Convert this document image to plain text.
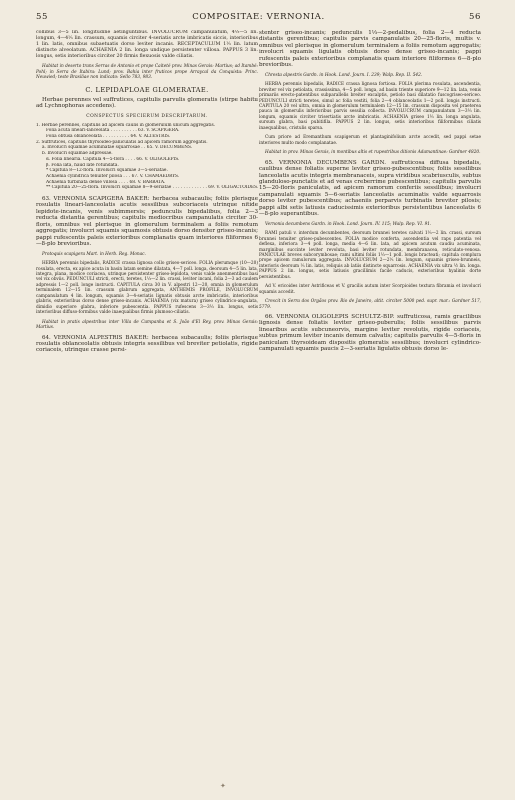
55	COMPOSITAE: VERNONIA.	56

collibus 3—5 lin. longitudine aetinguntibus. INVOLUCRUM campanulatum, 4⅓—5 lin. longum, 4—4⅓ lin. crassum, squamis circiter 4-seriatis arcte imbricatis siccis, interioribus 1 lin. latis, omnibus subaetuatis dorso leviter incanis. RECEPTACULUM 1⅓ lin. latum distincte alveolatum. ACHAENIA 2 lin. longa undique persistenter villosa. PAPPUS 3 lin. longus, setis interioribus circiter 20 firmis flexuosis valde ciliatis.

Habitat in deserto trans Serras de Antonio et prope Caiteté prov. Minas Gerais: Martius; ad Itambé: Pohl; in Serra de Itabira: Lund; prov. Bahia inter fruticos prope Arraycal da Conquista: Princ. Neuwied; teste Brasiliae non indicato: Sello 783, 983.

C. LEPIDAPLOAE GLOMERATAE.

Herbae perennes vel suffrutices, capitulis parvulis glomeratis (stirpe habitu ad Lychnophoras accedens).

CONSPECTUS SPECIERUM DESCRIPTARUM.
1. Herbae perennes, capitulis ad apicem caulis in glomerulum unicum aggregatis.
Folia acuta lineari-lanceolata . . . . . . . . . . 63. V. SCAPIGERA.
Folia obtusa oblanceolata . . . . . . . . . . 64. V. ALTESTRIS.
2. Suffrutices, capitulis thyrsoideo-paniculatis ad apicem ramorum aggregatis.
a. Involucri squamae acuminatae squarrosae . . 65. V. DECUMBENS.
b. Involucri squamae adpressae.
α. Folia linearia. Capitula 4—5-flora . . . . 66. V. OLIGOLEPIS.
β. Folia lata, haud late rotundata.
* Capitula 8—12-flora. Involucri squamae 3—5-seriatae.
Achaenia cylindrica tenuiter pilosa . . . 67. V. CHAMAEDRYS.
Achaenia turbinata dense villosa . . . . 68. V. BARBATA.
** Capitula 20—25-flora. Involucri squamae 8—9-seriatae . . . . . . . . . . . . . 69. V. OLIGACTOIDES.

63. VERNONIA SCAPIGERA BAKER: herbacea subacaulis; foliis plerisque rosulatis lineari-lanceolatis acutis sessilibus subcoriaceis utrinque nitide lepidote-incanis, venis subimmersis; pedunculis bipedalibus, folia 2—3 reducta distantia gerentibus; capitulis mediocribus campanulatis circiter 30-floris, omnibus vel plerisque in glomerulum terminalem a foliis remotum aggregatis; involucri squamis squamosis obtusis dorso densiter griseo-incanis; pappi rufescentis paleis exterioribus complanatis quam interiores filiformes 6—8-plo brevioribus.

Protoquis scapigera Mart. in Herb. Reg. Monac.

HERBA perennis bipedalis, RADICE crassa lignosa collo griseo-sericeo. FOLIA plerumque (10—20) rosulata, erecta, ex apice acuta in basin latam semine dilatata, 4—7 poll. longa, deorsum 4—5 lin. lata, integra, plana, modice coriacea, utrinque persistenter griseo-lepidota, venis valde anenmentibus basi vel vix obviis. PEDUNCULI stricti, erecti, teretes, 1⅓—2 lin. crassi, leviter incani, folia 2—3 ad caulem adpressis 1—2 poll. longe instructi. CAPITULA circa 30 in V. alpestri 12—20, omnia in glomerulum terminalem 12—15 lin. crassum glabrum aggregata, ANTHEMIS PROFILE, INVOLUCRUM campanulatum 4 lin. longum, squamis 3—4-seriatis lignatis obtusis arcte imbricatis, interioribus glabris, exterioribus dorso dense griseo-incanis. ACHAENIA (vix matura) griseo cylindrico-angulata, dimidio superiore glabra, inferiore pubescentia. PAPPUS rufescens 3—3⅓ lin. longus, setis interioribus diffuso-formibus valde inaequalibus firmis plumoso-ciliatis.

Habitat in pratis alpestribus inter Villa de Campanha et S. João d'El Rey, prov. Minas Gerais: Martius.

64. VERNONIA ALPESTRIS BAKER: herbacea subacaulis; foliis plerisque rosulatis oblanceolatis obtusis integris sessilibus vel breviter petiolatis, rigide coriaceis, utrinque crasse persi-

stenter griseo-incanis; pedunculis 1⅓—2-pedalibus, folia 2—4 reducta distantis gerentibus; capitulis parvis campanulatis 20—25-floris, multis v. omnibus vel plerisque in glomerulum terminalem a foliis remotum aggregatis; involucri squamis ligulatis obtusis dorso dense griseo-incanis; pappi rufescentis paleis exterioribus complanatis quam interiore filiformes 6—8-plo brevioribus.

Chresta alpestris Gardn. in Hook. Lond. Journ. I. 239; Walp. Rep. II. 542.

HERBA perennis bipedalis, RADICE crassa lignosa fortiosa. FOLIA plerima rosulata, ascendentia, breviter vel vix petiolata, crassissima, 4—5 poll. longa, ad basin triente superiore 9—12 lin. lata, venis primariis erecto-patentibus subparallelis breiter excalptis, petiolo basi dilatatio fuscogriseo-sericeo. PEDUNCULI stricti teretes, simul ac folia vestiti, folia 2—4 oblanceolatis 1—2 poll. longis instructi. CAPITULA 20 vel ultra, omnia in glomerulum terminalem 12—15 lin. crassum disposita vel praeterea pauca in glomerulis inferioribus parvis sessilia collecta. INVOLUCRUM campanulatum 3—3⅓ lin. longum, squamis circiter trisertiatis arcte imbricatis. ACHAENIA griseo 1⅓ lin. longa angulata, sursum glabra, basi pubitifila. PAPPUS 2 lin. longus, setis interioribus filiformibus ciliatis inaequalibus, cristulis sparsa.

Cum priore ad Eremanthum scapigerum et plantaginifolium arcte accedit, sed pappi setae interiores multo modo complanatae.

Habitat in prov. Minas Gerais, in montibus altis et rupestribus ditionis Adamantinae: Gardner 4820.

65. VERNONIA DECUMBENS GARDN. suffruticosa diffusa bipedalis, caulibus dense foliatis superne leviter griseo-pubescentibus; foliis sessilibus lanceolatis acutis integris membranaceis, supra viridibus scabriusculis, subtus glandulosо-punctatis et ad venas creberrime pubescentibus; capitulis parvulis 15—20-floris paniculatis, ad apicem ramorum conferiis sessilibus; involucri campanulati squamis 5—6-seriatis lanceolatis acuminatis valde squarrosis dorso leviter pubescentibus; achaeniis perparvis turbinatis breviter pilosis; pappi albi setis latiusis caducissimis exterioribus persistentibus lanceolatis 6—8-plo superantibus.

Vernonia decumbens Gardn. in Hook. Lond. Journ. IV. 115; Walp. Rep. VI. 91.

RAMI patuli v. interdum decumbentes, deorsum brunnei teretes calvati 1⅓—2 lin. crassi, sursum brunnei tenuiter griseo-pubescentes. FOLIA modice conferta, ascendentia vel raps patentia vel deflexa, inferiora 3—4 poll. longa, media 4—6 lin. lata, ad apicem acutum caudiu acuminata, marginibus succinte leviter revoluta, basi leviter rotundata, membranacea, reticulato-venosa. PANICULAE breves subcorymbosae; rami ultimi foliis 1⅓—1 poll. longis bracteati; capitula complura prope apicem ramulorum aggregata. INVOLUCRUM 2—2⅓ lin. longum, squamis griseo-brunneis, interioris deorsum ⅓ lin. latis, reliquis ab latiis distincte squarrosis. ACHAENIA vix ultra ½ lin. longa. PAPPUS 2 lin. longus, setis latiusis gracillimis facile caducis, exterioribus hyalinis dorte persistentibus.

Ad V. ericoides inter Astrificeas et V. gracilis autum inter Scorpioides textura fibramia et involucri squamis accedit.

Crescit in Serra dos Orgãos prov. Rio de Janeiro, altit. circiter 5000 ped. supr. mar.: Gardner 517, 5779.

66. VERNONIA OLIGOLEPIS SCHULTZ-BIP. suffruticosa, ramis gracilibus lignosis dense foliatis leviter griseo-puberulis; foliis sessilibus parvis linearibus acutis subcuneorvis, margine leviter revolutis, rigide coriaceis, subtus primum leviter incanis demum calvatis; capitulis parvulis 4—5-floris in paniculam thyrsoideam dispositis glomeratis sessilibus; involucri cylindrico-campanulati squamis paucis 2—3-seriatis ligulatis obtusis dorso le-

✦
